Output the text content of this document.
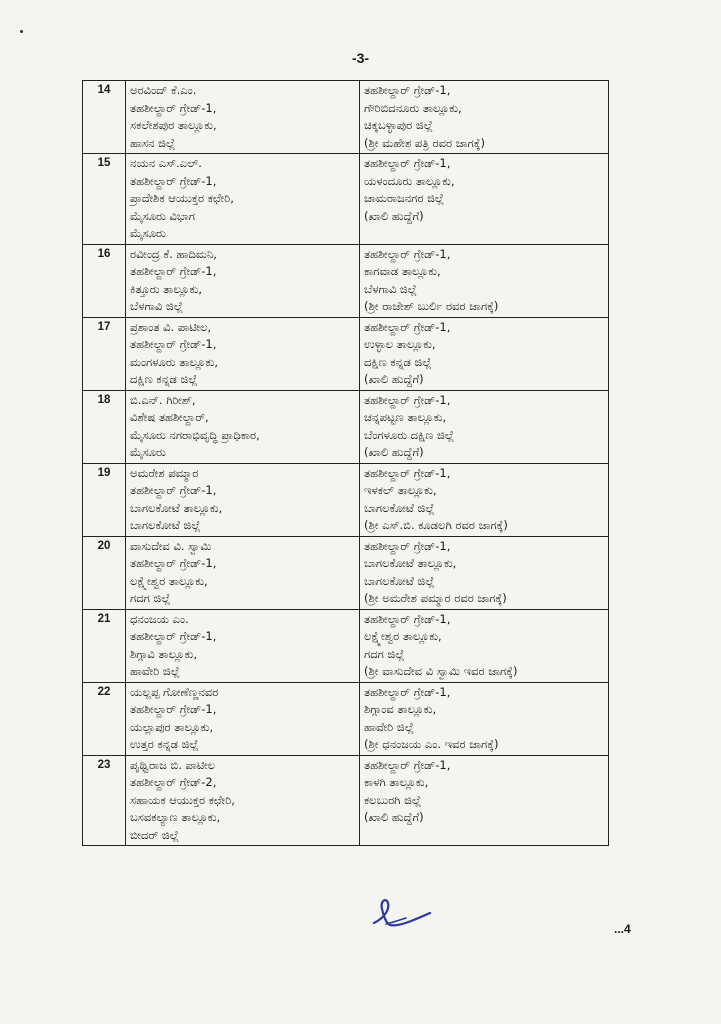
-3-
14	ಅರವಿಂದ್ ಕೆ.ಎಂ.
ತಹಶೀಲ್ದಾರ್ ಗ್ರೇಡ್-1,
ಸಕಲೇಶಪುರ ತಾಲ್ಲೂಕು,
ಹಾಸನ ಜಿಲ್ಲೆ	ತಹಶೀಲ್ದಾರ್ ಗ್ರೇಡ್-1,
ಗೌರಿಬಿದನೂರು ತಾಲ್ಲೂಕು,
ಚಿಕ್ಕಬಳ್ಳಾಪುರ ಜಿಲ್ಲೆ
(ಶ್ರೀ ಮಹೇಶ ಪತ್ರಿ ರವರ ಜಾಗಕ್ಕೆ)

15	ನಯನ ಎಸ್.ಎಲ್.
ತಹಶೀಲ್ದಾರ್ ಗ್ರೇಡ್-1,
ಪ್ರಾದೇಶಿಕ ಆಯುಕ್ತರ ಕಛೇರಿ,
ಮೈಸೂರು ವಿಭಾಗ
ಮೈಸೂರು	ತಹಶೀಲ್ದಾರ್ ಗ್ರೇಡ್-1,
ಯಳಂದೂರು ತಾಲ್ಲೂಕು,
ಚಾಮರಾಜನಗರ ಜಿಲ್ಲೆ
(ಖಾಲಿ ಹುದ್ದೆಗೆ)

16	ರವೀಂದ್ರ ಕೆ. ಹಾದಿಮನಿ,
ತಹಶೀಲ್ದಾರ್ ಗ್ರೇಡ್-1,
ಕಿತ್ತೂರು ತಾಲ್ಲೂಕು,
ಬೆಳಗಾವಿ ಜಿಲ್ಲೆ	ತಹಶೀಲ್ದಾರ್ ಗ್ರೇಡ್-1,
ಕಾಗವಾಡ ತಾಲ್ಲೂಕು,
ಬೆಳಗಾವಿ ಜಿಲ್ಲೆ
(ಶ್ರೀ ರಾಜೇಶ್ ಬುರ್ಲಿ ರವರ ಜಾಗಕ್ಕೆ)

17	ಪ್ರಶಾಂತ ವಿ. ಪಾಟೀಲ,
ತಹಶೀಲ್ದಾರ್ ಗ್ರೇಡ್-1,
ಮಂಗಳೂರು ತಾಲ್ಲೂಕು,
ದಕ್ಷಿಣ ಕನ್ನಡ ಜಿಲ್ಲೆ	ತಹಶೀಲ್ದಾರ್ ಗ್ರೇಡ್-1,
ಉಳ್ಳಾಲ ತಾಲ್ಲೂಕು,
ದಕ್ಷಿಣ ಕನ್ನಡ ಜಿಲ್ಲೆ
(ಖಾಲಿ ಹುದ್ದೆಗೆ)

18	ಬಿ.ಎನ್. ಗಿರೀಶ್,
ವಿಶೇಷ ತಹಶೀಲ್ದಾರ್,
ಮೈಸೂರು ನಗರಾಭಿವೃದ್ಧಿ ಪ್ರಾಧಿಕಾರ,
ಮೈಸೂರು	ತಹಶೀಲ್ದಾರ್ ಗ್ರೇಡ್-1,
ಚನ್ನಪಟ್ಟಣ ತಾಲ್ಲೂಕು,
ಬೆಂಗಳೂರು ದಕ್ಷಿಣ ಜಿಲ್ಲೆ
(ಖಾಲಿ ಹುದ್ದೆಗೆ)

19	ಅಮರೇಶ ಪಮ್ಮಾರ
ತಹಶೀಲ್ದಾರ್ ಗ್ರೇಡ್-1,
ಬಾಗಲಕೋಟೆ ತಾಲ್ಲೂಕು,
ಬಾಗಲಕೋಟೆ ಜಿಲ್ಲೆ	ತಹಶೀಲ್ದಾರ್ ಗ್ರೇಡ್-1,
ಇಳಕಲ್ ತಾಲ್ಲೂಕು,
ಬಾಗಲಕೋಟೆ ಜಿಲ್ಲೆ
(ಶ್ರೀ ಎಸ್.ಬಿ. ಕೂಡಲಗಿ ರವರ ಜಾಗಕ್ಕೆ)

20	ವಾಸುದೇವ ವಿ. ಸ್ವಾಮಿ
ತಹಶೀಲ್ದಾರ್ ಗ್ರೇಡ್-1,
ಲಕ್ಷ್ಮೇಶ್ವರ ತಾಲ್ಲೂಕು,
ಗದಗ ಜಿಲ್ಲೆ	ತಹಶೀಲ್ದಾರ್ ಗ್ರೇಡ್-1,
ಬಾಗಲಕೋಟೆ ತಾಲ್ಲೂಕು,
ಬಾಗಲಕೋಟೆ ಜಿಲ್ಲೆ
(ಶ್ರೀ ಅಮರೇಶ ಪಮ್ಮಾರ ರವರ ಜಾಗಕ್ಕೆ)

21	ಧನಂಜಯ ಎಂ.
ತಹಶೀಲ್ದಾರ್ ಗ್ರೇಡ್-1,
ಶಿಗ್ಗಾವಿ ತಾಲ್ಲೂಕು,
ಹಾವೇರಿ ಜಿಲ್ಲೆ	ತಹಶೀಲ್ದಾರ್ ಗ್ರೇಡ್-1,
ಲಕ್ಷ್ಮೇಶ್ವರ ತಾಲ್ಲೂಕು,
ಗದಗ ಜಿಲ್ಲೆ
(ಶ್ರೀ ವಾಸುದೇವ ವಿ ಸ್ವಾಮಿ ಇವರ ಜಾಗಕ್ಕೆ)

22	ಯಲ್ಲಪ್ಪ ಗೋಣೆಣ್ಣನವರ
ತಹಶೀಲ್ದಾರ್ ಗ್ರೇಡ್-1,
ಯಲ್ಲಾಪುರ ತಾಲ್ಲೂಕು,
ಉತ್ತರ ಕನ್ನಡ ಜಿಲ್ಲೆ	ತಹಶೀಲ್ದಾರ್ ಗ್ರೇಡ್-1,
ಶಿಗ್ಗಾಂವ ತಾಲ್ಲೂಕು,
ಹಾವೇರಿ ಜಿಲ್ಲೆ
(ಶ್ರೀ ಧನಂಜಯ ಎಂ. ಇವರ ಜಾಗಕ್ಕೆ)

23	ಪೃಥ್ವಿರಾಜ ಬಿ. ಪಾಟೀಲ
ತಹಶೀಲ್ದಾರ್ ಗ್ರೇಡ್-2,
ಸಹಾಯಕ ಆಯುಕ್ತರ ಕಛೇರಿ,
ಬಸವಕಲ್ಯಾಣ ತಾಲ್ಲೂಕು,
ಬೀದರ್ ಜಿಲ್ಲೆ	ತಹಶೀಲ್ದಾರ್ ಗ್ರೇಡ್-1,
ಕಾಳಗಿ ತಾಲ್ಲೂಕು,
ಕಲಬುರಗಿ ಜಿಲ್ಲೆ
(ಖಾಲಿ ಹುದ್ದೆಗೆ)
...4
